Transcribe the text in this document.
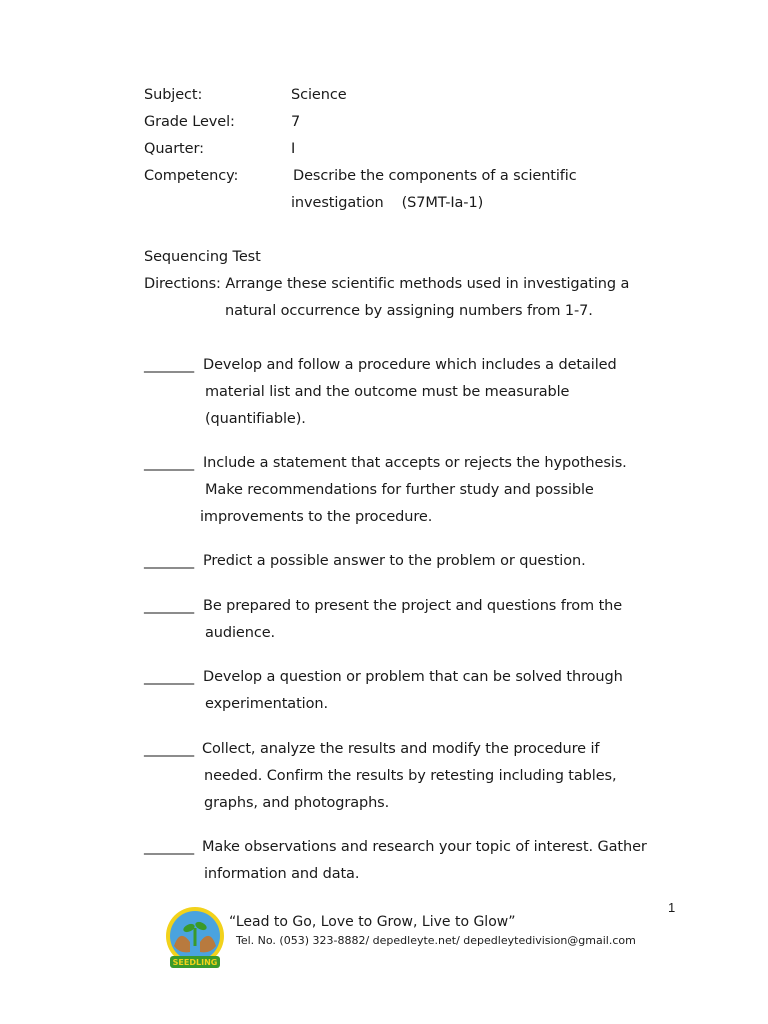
Subject:	Science
Grade Level:	7
Quarter:	I
Competency:	Describe the components of a scientific
investigation    (S7MT-Ia-1)
Sequencing Test
Directions: Arrange these scientific methods used in investigating a
natural occurrence by assigning numbers from 1-7.
_______ Develop and follow a procedure which includes a detailed
material list and the outcome must be measurable
(quantifiable).
_______ Include a statement that accepts or rejects the hypothesis.
Make recommendations for further study and possible
improvements to the procedure.
_______ Predict a possible answer to the problem or question.
_______ Be prepared to present the project and questions from the
audience.
_______ Develop a question or problem that can be solved through
experimentation.
_______ Collect, analyze the results and modify the procedure if
needed. Confirm the results by retesting including tables,
graphs, and photographs.
_______ Make observations and research your topic of interest. Gather
information and data.
1
SEEDLING
“Lead to Go, Love to Grow, Live to Glow”
Tel. No. (053) 323-8882/ depedleyte.net/ depedleytedivision@gmail.com
